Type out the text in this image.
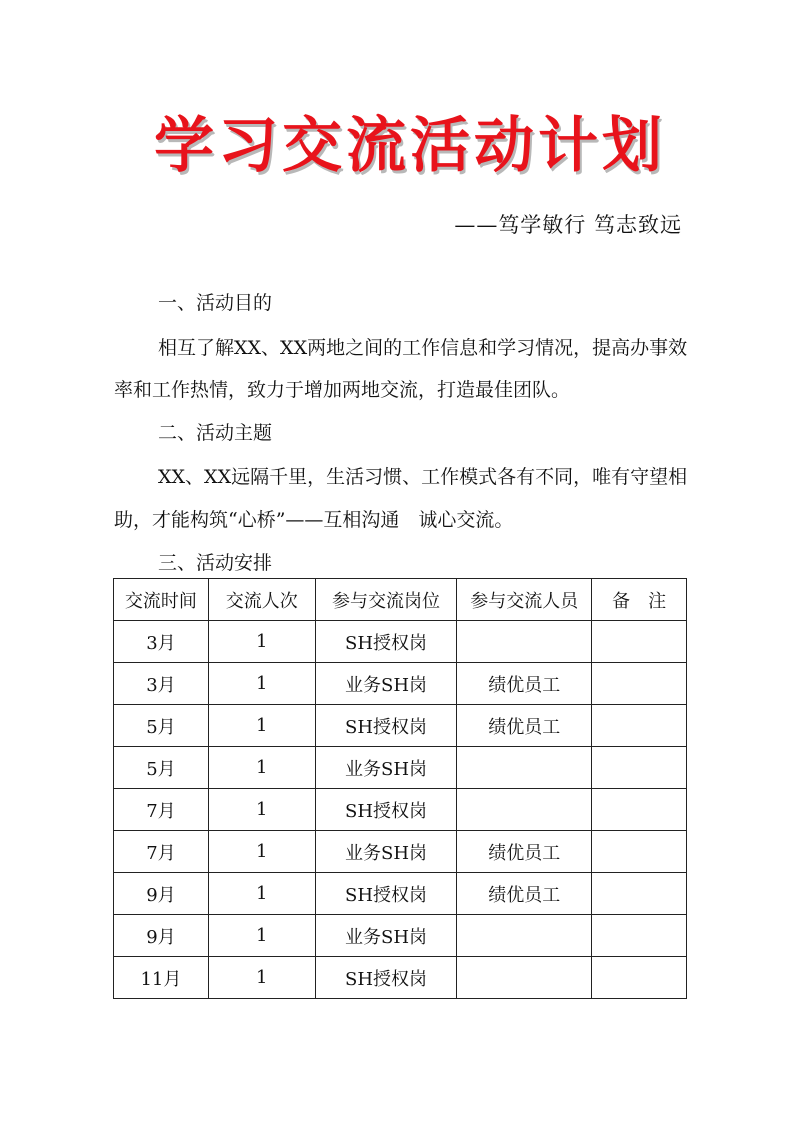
学习交流活动计划
——笃学敏行 笃志致远
一、活动目的
相互了解XX、XX两地之间的工作信息和学习情况，提高办事效
率和工作热情，致力于增加两地交流，打造最佳团队。
二、活动主题
XX、XX远隔千里，生活习惯、工作模式各有不同，唯有守望相
助，才能构筑“心桥”——互相沟通　诚心交流。
三、活动安排
交流时间	交流人次	参与交流岗位	参与交流人员	备　注
3月	1	SH授权岗		
3月	1	业务SH岗	绩优员工	
5月	1	SH授权岗	绩优员工	
5月	1	业务SH岗		
7月	1	SH授权岗		
7月	1	业务SH岗	绩优员工	
9月	1	SH授权岗	绩优员工	
9月	1	业务SH岗		
11月	1	SH授权岗		
